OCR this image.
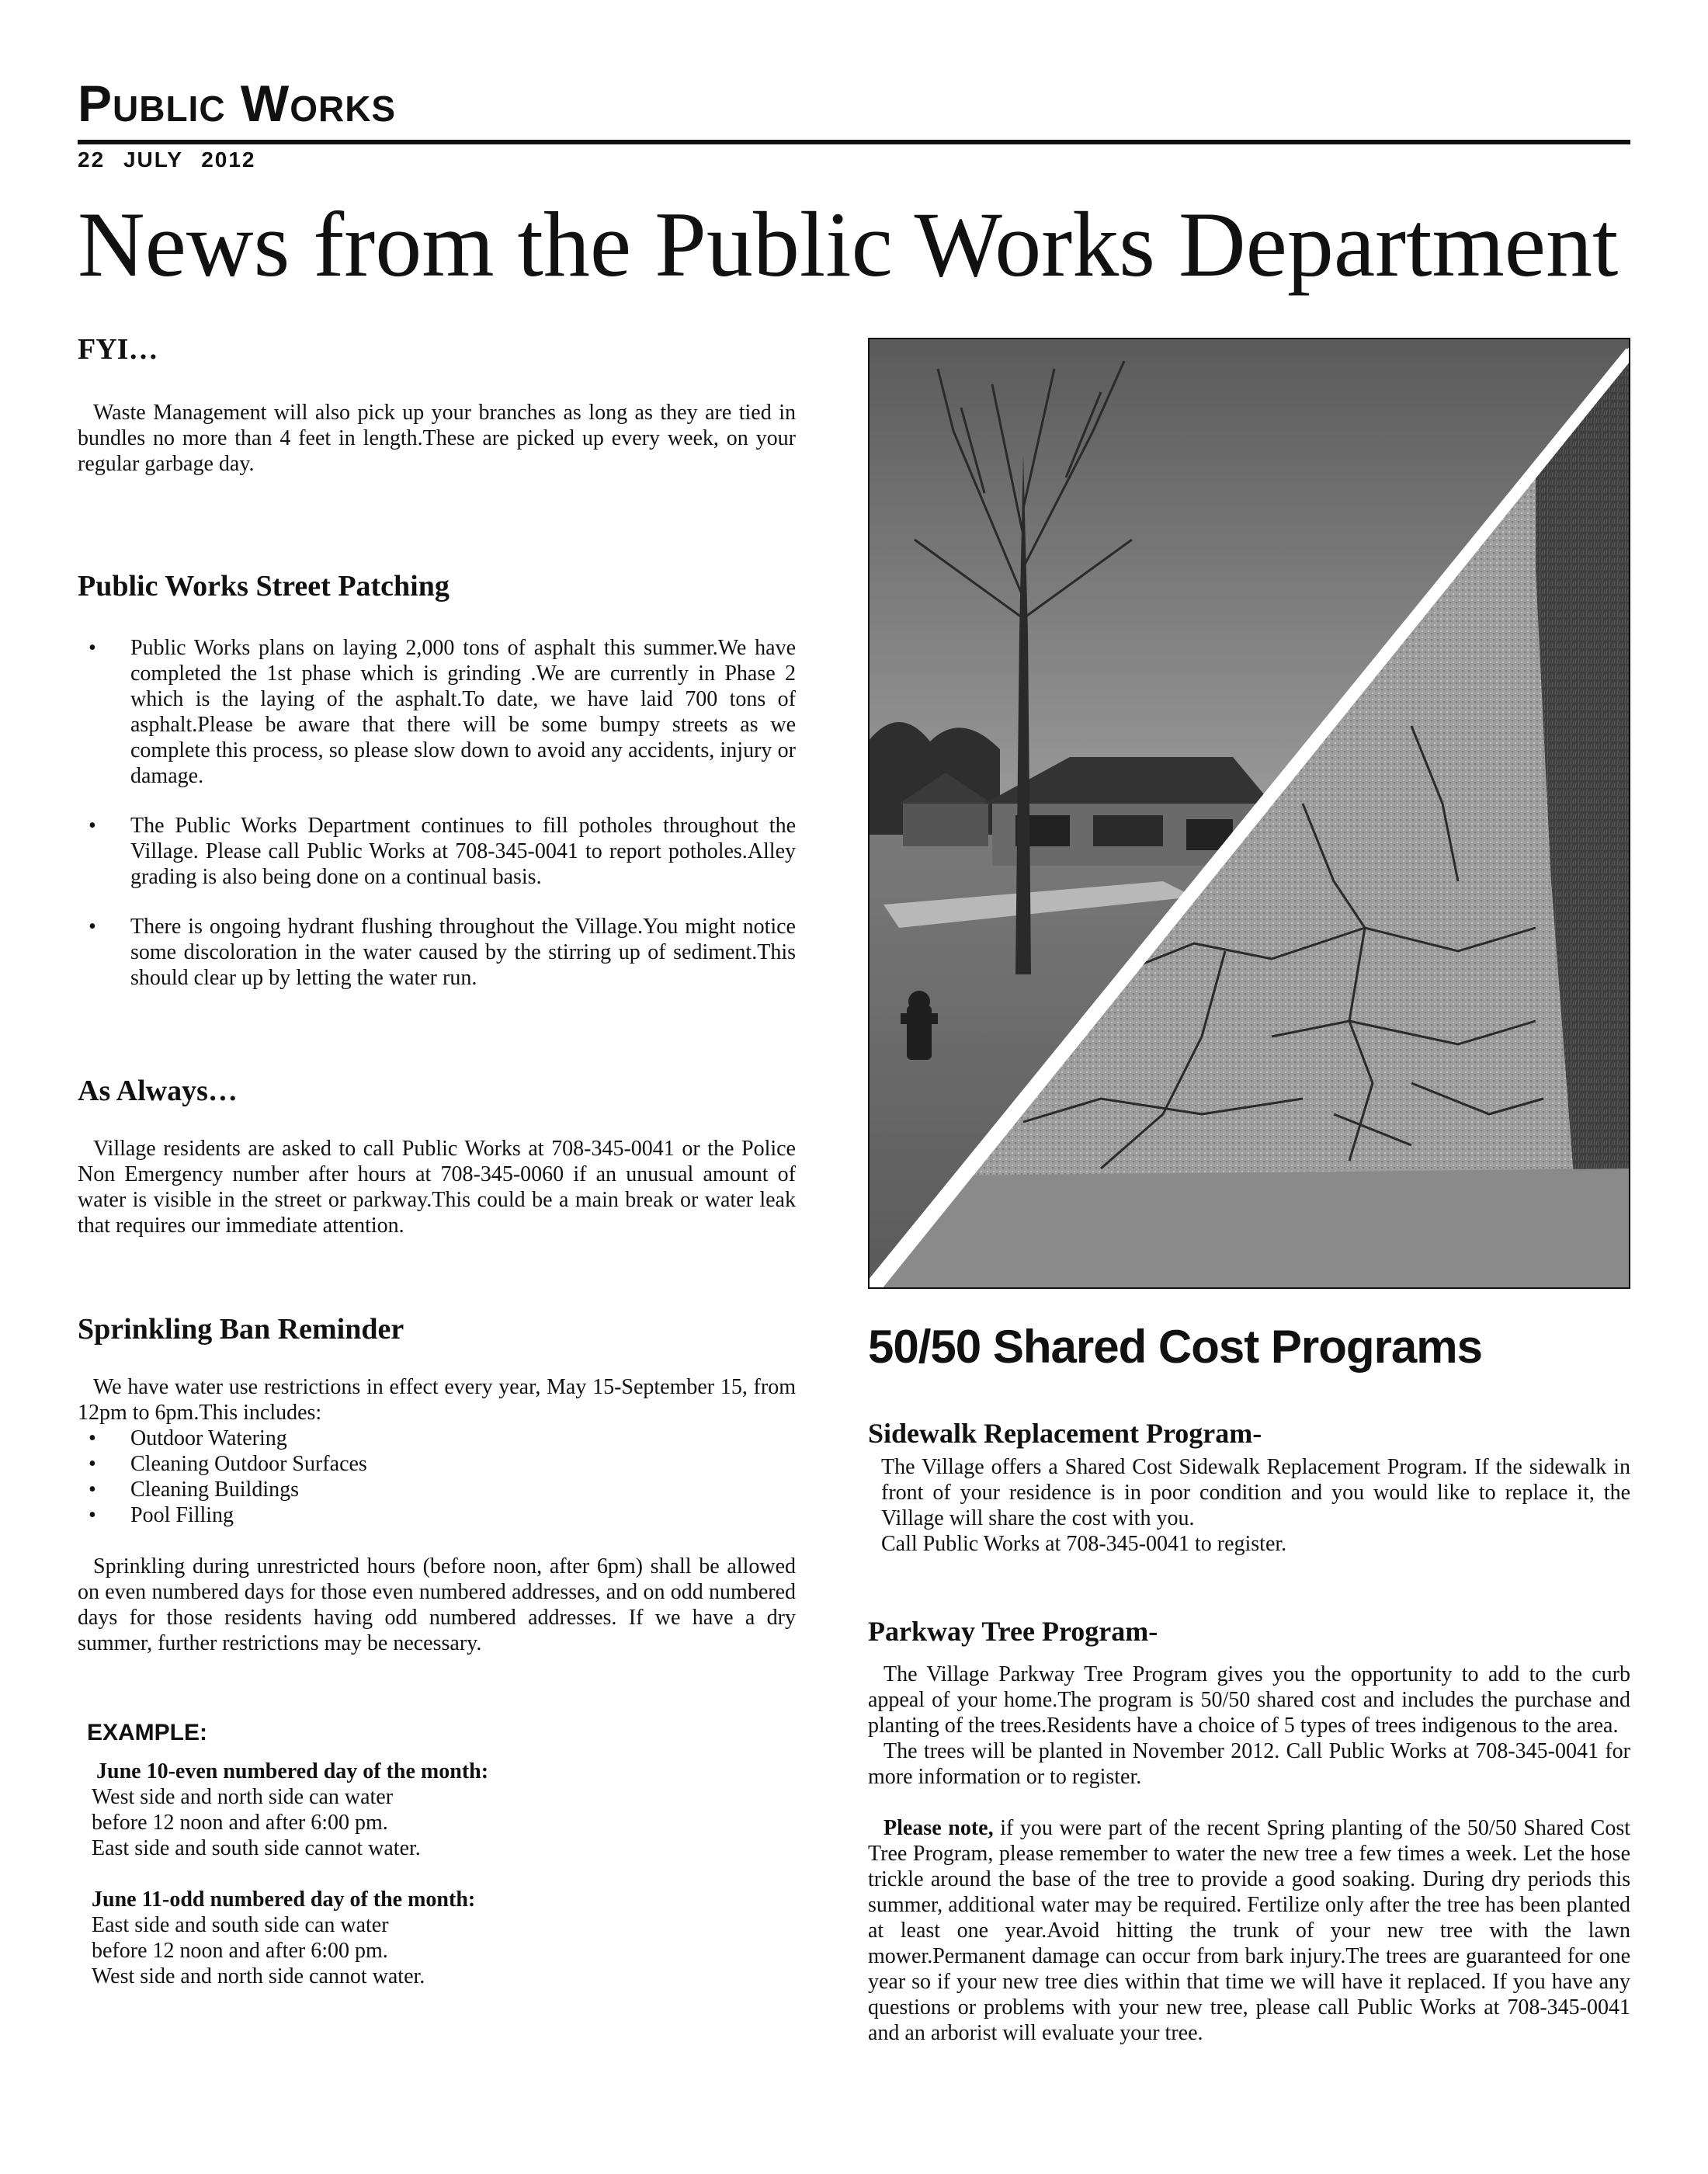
Public Works
22 JULY 2012
News from the Public Works Department
FYI…

Waste Management will also pick up your branches as long as they are tied in bundles no more than 4 feet in length.These are picked up every week, on your regular garbage day.

Public Works Street Patching
• Public Works plans on laying 2,000 tons of asphalt this summer.We have completed the 1st phase which is grinding .We are currently in Phase 2 which is the laying of the asphalt.To date, we have laid 700 tons of asphalt.Please be aware that there will be some bumpy streets as we complete this process, so please slow down to avoid any accidents, injury or damage.
• The Public Works Department continues to fill potholes throughout the Village. Please call Public Works at 708-345-0041 to report potholes.Alley grading is also being done on a continual basis.
• There is ongoing hydrant flushing throughout the Village.You might notice some discoloration in the water caused by the stirring up of sediment.This should clear up by letting the water run.
As Always…

Village residents are asked to call Public Works at 708-345-0041 or the Police Non Emergency number after hours at 708-345-0060 if an unusual amount of water is visible in the street or parkway.This could be a main break or water leak that requires our immediate attention.

Sprinkling Ban Reminder

We have water use restrictions in effect every year, May 15-September 15, from 12pm to 6pm.This includes:

• Outdoor Watering
• Cleaning Outdoor Surfaces
• Cleaning Buildings
• Pool Filling

Sprinkling during unrestricted hours (before noon, after 6pm) shall be allowed on even numbered days for those even numbered addresses, and on odd numbered days for those residents having odd numbered addresses. If we have a dry summer, further restrictions may be necessary.

EXAMPLE:
June 10-even numbered day of the month:
West side and north side can water
before 12 noon and after 6:00 pm.
East side and south side cannot water.
June 11-odd numbered day of the month:
East side and south side can water
before 12 noon and after 6:00 pm.
West side and north side cannot water.
50/50 Shared Cost Programs
Sidewalk Replacement Program-
The Village offers a Shared Cost Sidewalk Replacement Program. If the sidewalk in front of your residence is in poor condition and you would like to replace it, the Village will share the cost with you.
Call Public Works at 708-345-0041 to register.
Parkway Tree Program-

The Village Parkway Tree Program gives you the opportunity to add to the curb appeal of your home.The program is 50/50 shared cost and includes the purchase and planting of the trees.Residents have a choice of 5 types of trees indigenous to the area.

The trees will be planted in November 2012. Call Public Works at 708-345-0041 for more information or to register.

Please note, if you were part of the recent Spring planting of the 50/50 Shared Cost Tree Program, please remember to water the new tree a few times a week. Let the hose trickle around the base of the tree to provide a good soaking. During dry periods this summer, additional water may be required. Fertilize only after the tree has been planted at least one year.Avoid hitting the trunk of your new tree with the lawn mower.Permanent damage can occur from bark injury.The trees are guaranteed for one year so if your new tree dies within that time we will have it replaced. If you have any questions or problems with your new tree, please call Public Works at 708-345-0041 and an arborist will evaluate your tree.
